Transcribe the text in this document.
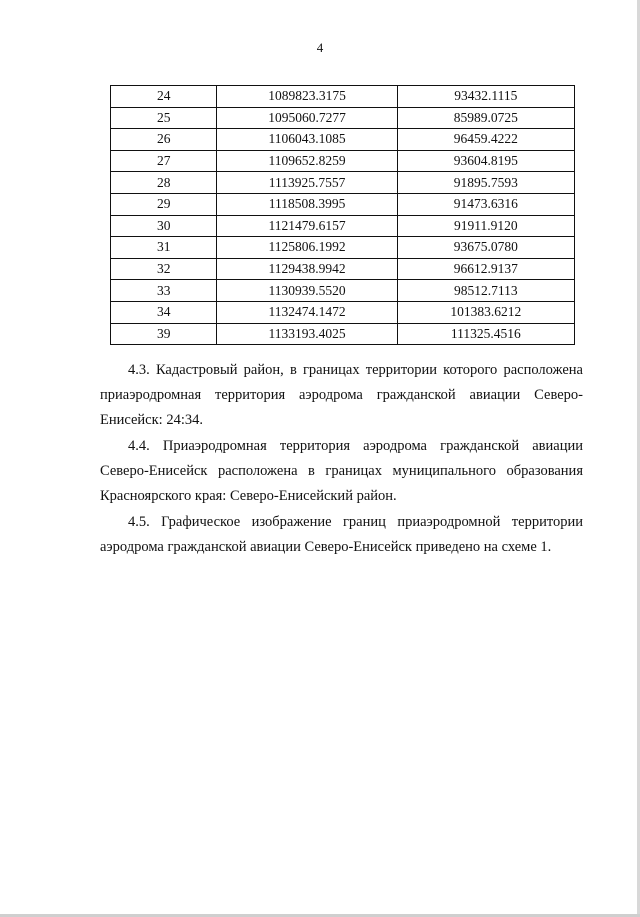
4
24	1089823.3175	93432.1115
25	1095060.7277	85989.0725
26	1106043.1085	96459.4222
27	1109652.8259	93604.8195
28	1113925.7557	91895.7593
29	1118508.3995	91473.6316
30	1121479.6157	91911.9120
31	1125806.1992	93675.0780
32	1129438.9942	96612.9137
33	1130939.5520	98512.7113
34	1132474.1472	101383.6212
39	1133193.4025	111325.4516

4.3. Кадастровый район, в границах территории которого расположена приаэродромная территория аэродрома гражданской авиации Северо-Енисейск: 24:34.

4.4. Приаэродромная территория аэродрома гражданской авиации Северо-Енисейск расположена в границах муниципального образования Красноярского края: Северо-Енисейский район.

4.5. Графическое изображение границ приаэродромной территории аэродрома гражданской авиации Северо-Енисейск приведено на схеме 1.
